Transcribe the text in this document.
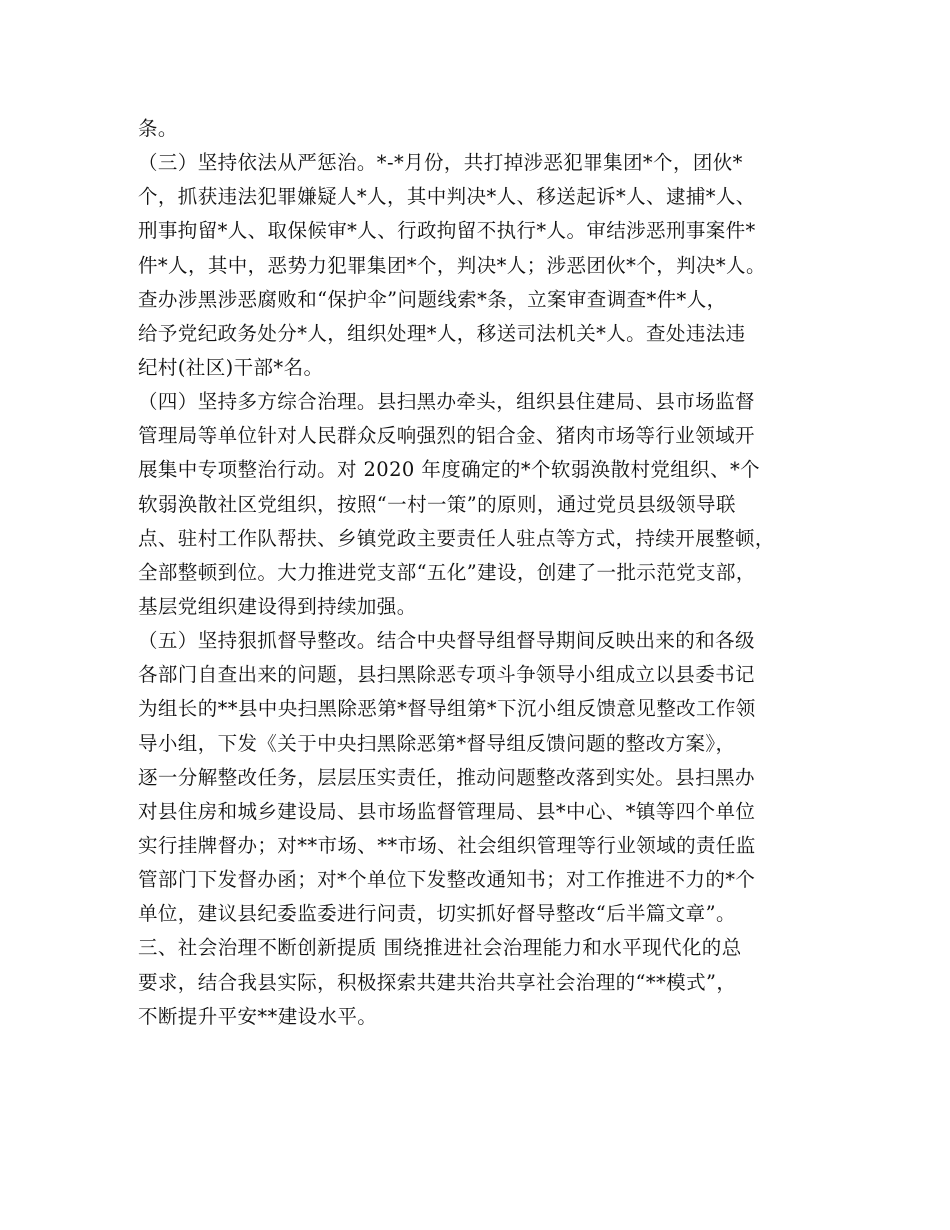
条。
（三）坚持依法从严惩治。*-*月份，共打掉涉恶犯罪集团*个，团伙*
个，抓获违法犯罪嫌疑人*人，其中判决*人、移送起诉*人、逮捕*人、
刑事拘留*人、取保候审*人、行政拘留不执行*人。审结涉恶刑事案件*
件*人，其中，恶势力犯罪集团*个，判决*人；涉恶团伙*个，判决*人。
查办涉黑涉恶腐败和“保护伞”问题线索*条，立案审查调查*件*人，
给予党纪政务处分*人，组织处理*人，移送司法机关*人。查处违法违
纪村(社区)干部*名。
（四）坚持多方综合治理。县扫黑办牵头，组织县住建局、县市场监督
管理局等单位针对人民群众反响强烈的铝合金、猪肉市场等行业领域开
展集中专项整治行动。对 2020 年度确定的*个软弱涣散村党组织、*个
软弱涣散社区党组织，按照“一村一策”的原则，通过党员县级领导联
点、驻村工作队帮扶、乡镇党政主要责任人驻点等方式，持续开展整顿，
全部整顿到位。大力推进党支部“五化”建设，创建了一批示范党支部，
基层党组织建设得到持续加强。
（五）坚持狠抓督导整改。结合中央督导组督导期间反映出来的和各级
各部门自查出来的问题，县扫黑除恶专项斗争领导小组成立以县委书记
为组长的**县中央扫黑除恶第*督导组第*下沉小组反馈意见整改工作领
导小组，下发《关于中央扫黑除恶第*督导组反馈问题的整改方案》，
逐一分解整改任务，层层压实责任，推动问题整改落到实处。县扫黑办
对县住房和城乡建设局、县市场监督管理局、县*中心、*镇等四个单位
实行挂牌督办；对**市场、**市场、社会组织管理等行业领域的责任监
管部门下发督办函；对*个单位下发整改通知书；对工作推进不力的*个
单位，建议县纪委监委进行问责，切实抓好督导整改“后半篇文章”。
三、社会治理不断创新提质 围绕推进社会治理能力和水平现代化的总
要求，结合我县实际，积极探索共建共治共享社会治理的“**模式”，
不断提升平安**建设水平。
